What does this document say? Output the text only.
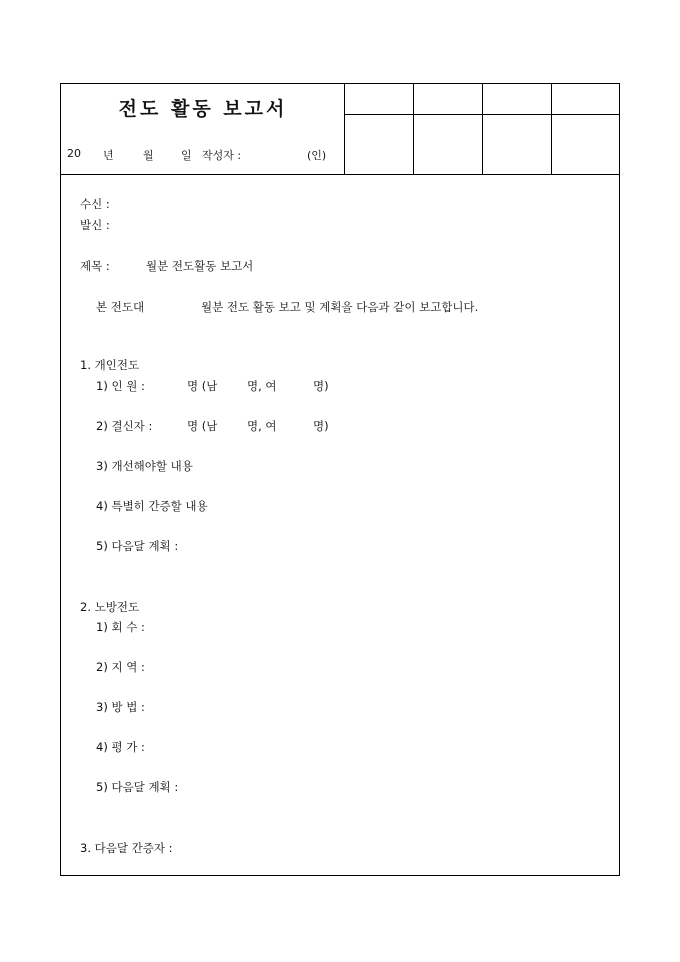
전도 활동 보고서
20 년	월 일 작성자 :	(인)
수신 :
발신 :
제목 :	월분 전도활동 보고서
본 전도대	월분 전도 활동 보고 및 계획을 다음과 같이 보고합니다.
1. 개인전도
1) 인 원 :	명 (남	명, 여	명)
2) 결신자 :	명 (남	명, 여	명)
3) 개선해야할 내용
4) 특별히 간증할 내용
5) 다음달 계획 :
2. 노방전도
1) 회 수 :
2) 지 역 :
3) 방 법 :
4) 평 가 :
5) 다음달 계획 :
3. 다음달 간증자 :
